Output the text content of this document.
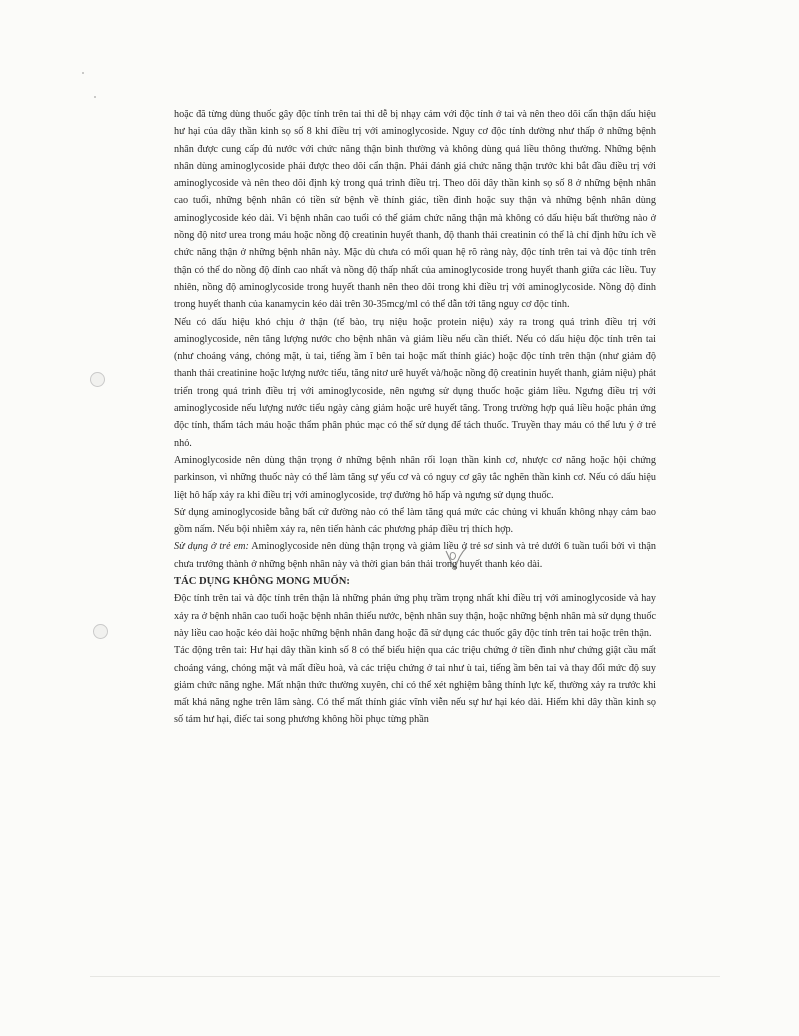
hoặc đã từng dùng thuốc gây độc tính trên tai thì dễ bị nhạy cảm với độc tính ở tai và nên theo dõi cẩn thận dấu hiệu hư hại của dây thần kinh sọ số 8 khi điều trị với aminoglycoside. Nguy cơ độc tính dường như thấp ở những bệnh nhân được cung cấp đủ nước với chức năng thận bình thường và không dùng quá liều thông thường. Những bệnh nhân dùng aminoglycoside phải được theo dõi cẩn thận. Phải đánh giá chức năng thận trước khi bắt đầu điều trị với aminoglycoside và nên theo dõi định kỳ trong quá trình điều trị. Theo dõi dây thần kinh sọ số 8 ở những bệnh nhân cao tuổi, những bệnh nhân có tiền sử bệnh về thính giác, tiền đình hoặc suy thận và những bệnh nhân dùng aminoglycoside kéo dài. Vì bệnh nhân cao tuổi có thể giảm chức năng thận mà không có dấu hiệu bất thường nào ở nồng độ nitơ urea trong máu hoặc nồng độ creatinin huyết thanh, độ thanh thải creatinin có thể là chỉ định hữu ích về chức năng thận ở những bệnh nhân này. Mặc dù chưa có mối quan hệ rõ ràng này, độc tính trên tai và độc tính trên thận có thể do nồng độ đỉnh cao nhất và nồng độ thấp nhất của aminoglycoside trong huyết thanh giữa các liều. Tuy nhiên, nồng độ aminoglycoside trong huyết thanh nên theo dõi trong khi điều trị với aminoglycoside. Nồng độ đỉnh trong huyết thanh của kanamycin kéo dài trên 30-35mcg/ml có thể dẫn tới tăng nguy cơ độc tính.

Nếu có dấu hiệu khó chịu ở thận (tế bào, trụ niệu hoặc protein niệu) xảy ra trong quá trình điều trị với aminoglycoside, nên tăng lượng nước cho bệnh nhân và giảm liều nếu cần thiết. Nếu có dấu hiệu độc tính trên tai (như choáng váng, chóng mặt, ù tai, tiếng ầm ĩ bên tai hoặc mất thính giác) hoặc độc tính trên thận (như giảm độ thanh thải creatinine hoặc lượng nước tiểu, tăng nitơ urê huyết và/hoặc nồng độ creatinin huyết thanh, giảm niệu) phát triển trong quá trình điều trị với aminoglycoside, nên ngưng sử dụng thuốc hoặc giảm liều. Ngưng điều trị với aminoglycoside nếu lượng nước tiểu ngày càng giảm hoặc urê huyết tăng. Trong trường hợp quá liều hoặc phản ứng độc tính, thẩm tách máu hoặc thẩm phân phúc mạc có thể sử dụng để tách thuốc. Truyền thay máu có thể lưu ý ở trẻ nhỏ.

Aminoglycoside nên dùng thận trọng ở những bệnh nhân rối loạn thần kinh cơ, nhược cơ năng hoặc hội chứng parkinson, vì những thuốc này có thể làm tăng sự yếu cơ và có nguy cơ gây tắc nghẽn thần kinh cơ. Nếu có dấu hiệu liệt hô hấp xảy ra khi điều trị với aminoglycoside, trợ đường hô hấp và ngưng sử dụng thuốc.

Sử dụng aminoglycoside bằng bất cứ đường nào có thể làm tăng quá mức các chủng vi khuẩn không nhạy cảm bao gồm nấm. Nếu bội nhiễm xảy ra, nên tiến hành các phương pháp điều trị thích hợp.

Sử dụng ở trẻ em: Aminoglycoside nên dùng thận trọng và giảm liều ở trẻ sơ sinh và trẻ dưới 6 tuần tuổi bởi vì thận chưa trưởng thành ở những bệnh nhân này và thời gian bán thải trong huyết thanh kéo dài.

TÁC DỤNG KHÔNG MONG MUỐN:

Độc tính trên tai và độc tính trên thận là những phản ứng phụ trầm trọng nhất khi điều trị với aminoglycoside và hay xảy ra ở bệnh nhân cao tuổi hoặc bệnh nhân thiếu nước, bệnh nhân suy thận, hoặc những bệnh nhân mà sử dụng thuốc này liều cao hoặc kéo dài hoặc những bệnh nhân đang hoặc đã sử dụng các thuốc gây độc tính trên tai hoặc trên thận.

Tác động trên tai: Hư hại dây thần kinh số 8 có thể biểu hiện qua các triệu chứng ở tiền đình như chứng giật cầu mất choáng váng, chóng mặt và mất điều hoà, và các triệu chứng ở tai như ù tai, tiếng ầm bên tai và thay đổi mức độ suy giảm chức năng nghe. Mất nhận thức thường xuyên, chỉ có thể xét nghiệm bằng thính lực kế, thường xảy ra trước khi mất khả năng nghe trên lâm sàng. Có thể mất thính giác vĩnh viễn nếu sự hư hại kéo dài. Hiếm khi dây thần kinh sọ số tám hư hại, điếc tai song phương không hồi phục từng phần
